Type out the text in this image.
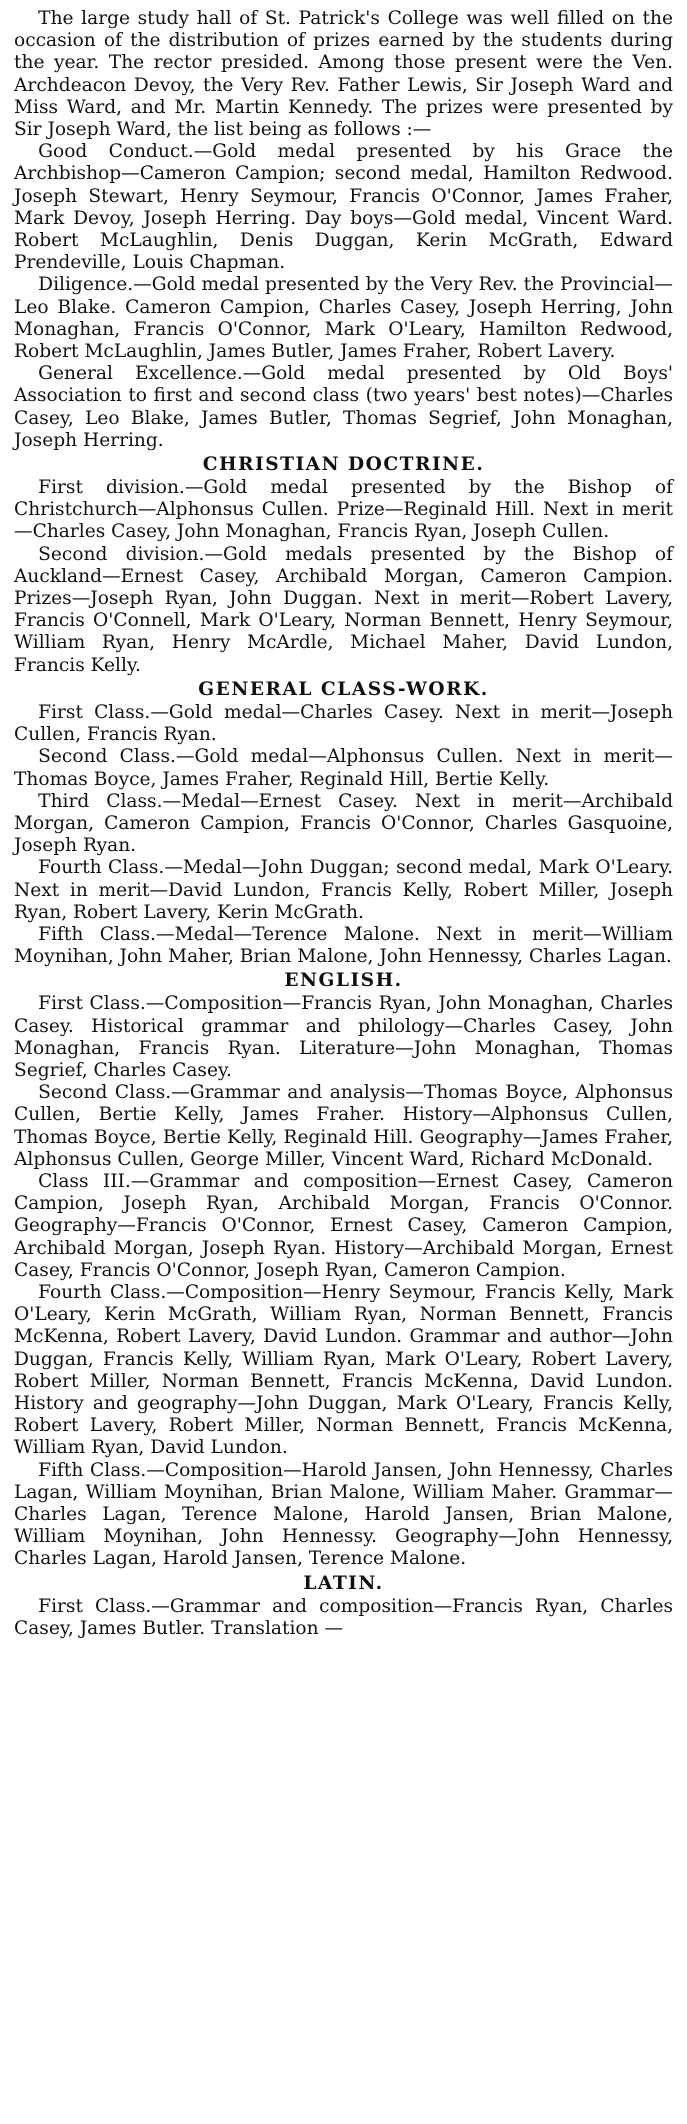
The large study hall of St. Patrick's College was well filled on the occasion of the distribution of prizes earned by the students during the year. The rector presided. Among those present were the Ven. Archdeacon Devoy, the Very Rev. Father Lewis, Sir Joseph Ward and Miss Ward, and Mr. Martin Kennedy. The prizes were presented by Sir Joseph Ward, the list being as follows :—

Good Conduct.—Gold medal presented by his Grace the Archbishop—Cameron Campion; second medal, Hamilton Redwood. Joseph Stewart, Henry Seymour, Francis O'Connor, James Fraher, Mark Devoy, Joseph Herring. Day boys—Gold medal, Vincent Ward. Robert McLaughlin, Denis Duggan, Kerin McGrath, Edward Prendeville, Louis Chapman.

Diligence.—Gold medal presented by the Very Rev. the Provincial—Leo Blake. Cameron Campion, Charles Casey, Joseph Herring, John Monaghan, Francis O'Connor, Mark O'Leary, Hamilton Redwood, Robert McLaughlin, James Butler, James Fraher, Robert Lavery.

General Excellence.—Gold medal presented by Old Boys' Association to first and second class (two years' best notes)—Charles Casey, Leo Blake, James Butler, Thomas Segrief, John Monaghan, Joseph Herring.

CHRISTIAN DOCTRINE.

First division.—Gold medal presented by the Bishop of Christchurch—Alphonsus Cullen. Prize—Reginald Hill. Next in merit—Charles Casey, John Monaghan, Francis Ryan, Joseph Cullen.

Second division.—Gold medals presented by the Bishop of Auckland—Ernest Casey, Archibald Morgan, Cameron Campion. Prizes—Joseph Ryan, John Duggan. Next in merit—Robert Lavery, Francis O'Connell, Mark O'Leary, Norman Bennett, Henry Seymour, William Ryan, Henry McArdle, Michael Maher, David Lundon, Francis Kelly.

GENERAL CLASS-WORK.

First Class.—Gold medal—Charles Casey. Next in merit—Joseph Cullen, Francis Ryan.

Second Class.—Gold medal—Alphonsus Cullen. Next in merit—Thomas Boyce, James Fraher, Reginald Hill, Bertie Kelly.

Third Class.—Medal—Ernest Casey. Next in merit—Archibald Morgan, Cameron Campion, Francis O'Connor, Charles Gasquoine, Joseph Ryan.

Fourth Class.—Medal—John Duggan; second medal, Mark O'Leary. Next in merit—David Lundon, Francis Kelly, Robert Miller, Joseph Ryan, Robert Lavery, Kerin McGrath.

Fifth Class.—Medal—Terence Malone. Next in merit—William Moynihan, John Maher, Brian Malone, John Hennessy, Charles Lagan.

ENGLISH.

First Class.—Composition—Francis Ryan, John Monaghan, Charles Casey. Historical grammar and philology—Charles Casey, John Monaghan, Francis Ryan. Literature—John Monaghan, Thomas Segrief, Charles Casey.

Second Class.—Grammar and analysis—Thomas Boyce, Alphonsus Cullen, Bertie Kelly, James Fraher. History—Alphonsus Cullen, Thomas Boyce, Bertie Kelly, Reginald Hill. Geography—James Fraher, Alphonsus Cullen, George Miller, Vincent Ward, Richard McDonald.

Class III.—Grammar and composition—Ernest Casey, Cameron Campion, Joseph Ryan, Archibald Morgan, Francis O'Connor. Geography—Francis O'Connor, Ernest Casey, Cameron Campion, Archibald Morgan, Joseph Ryan. History—Archibald Morgan, Ernest Casey, Francis O'Connor, Joseph Ryan, Cameron Campion.

Fourth Class.—Composition—Henry Seymour, Francis Kelly, Mark O'Leary, Kerin McGrath, William Ryan, Norman Bennett, Francis McKenna, Robert Lavery, David Lundon. Grammar and author—John Duggan, Francis Kelly, William Ryan, Mark O'Leary, Robert Lavery, Robert Miller, Norman Bennett, Francis McKenna, David Lundon. History and geography—John Duggan, Mark O'Leary, Francis Kelly, Robert Lavery, Robert Miller, Norman Bennett, Francis McKenna, William Ryan, David Lundon.

Fifth Class.—Composition—Harold Jansen, John Hennessy, Charles Lagan, William Moynihan, Brian Malone, William Maher. Grammar—Charles Lagan, Terence Malone, Harold Jansen, Brian Malone, William Moynihan, John Hennessy. Geography—John Hennessy, Charles Lagan, Harold Jansen, Terence Malone.

LATIN.

First Class.—Grammar and composition—Francis Ryan, Charles Casey, James Butler. Translation —
